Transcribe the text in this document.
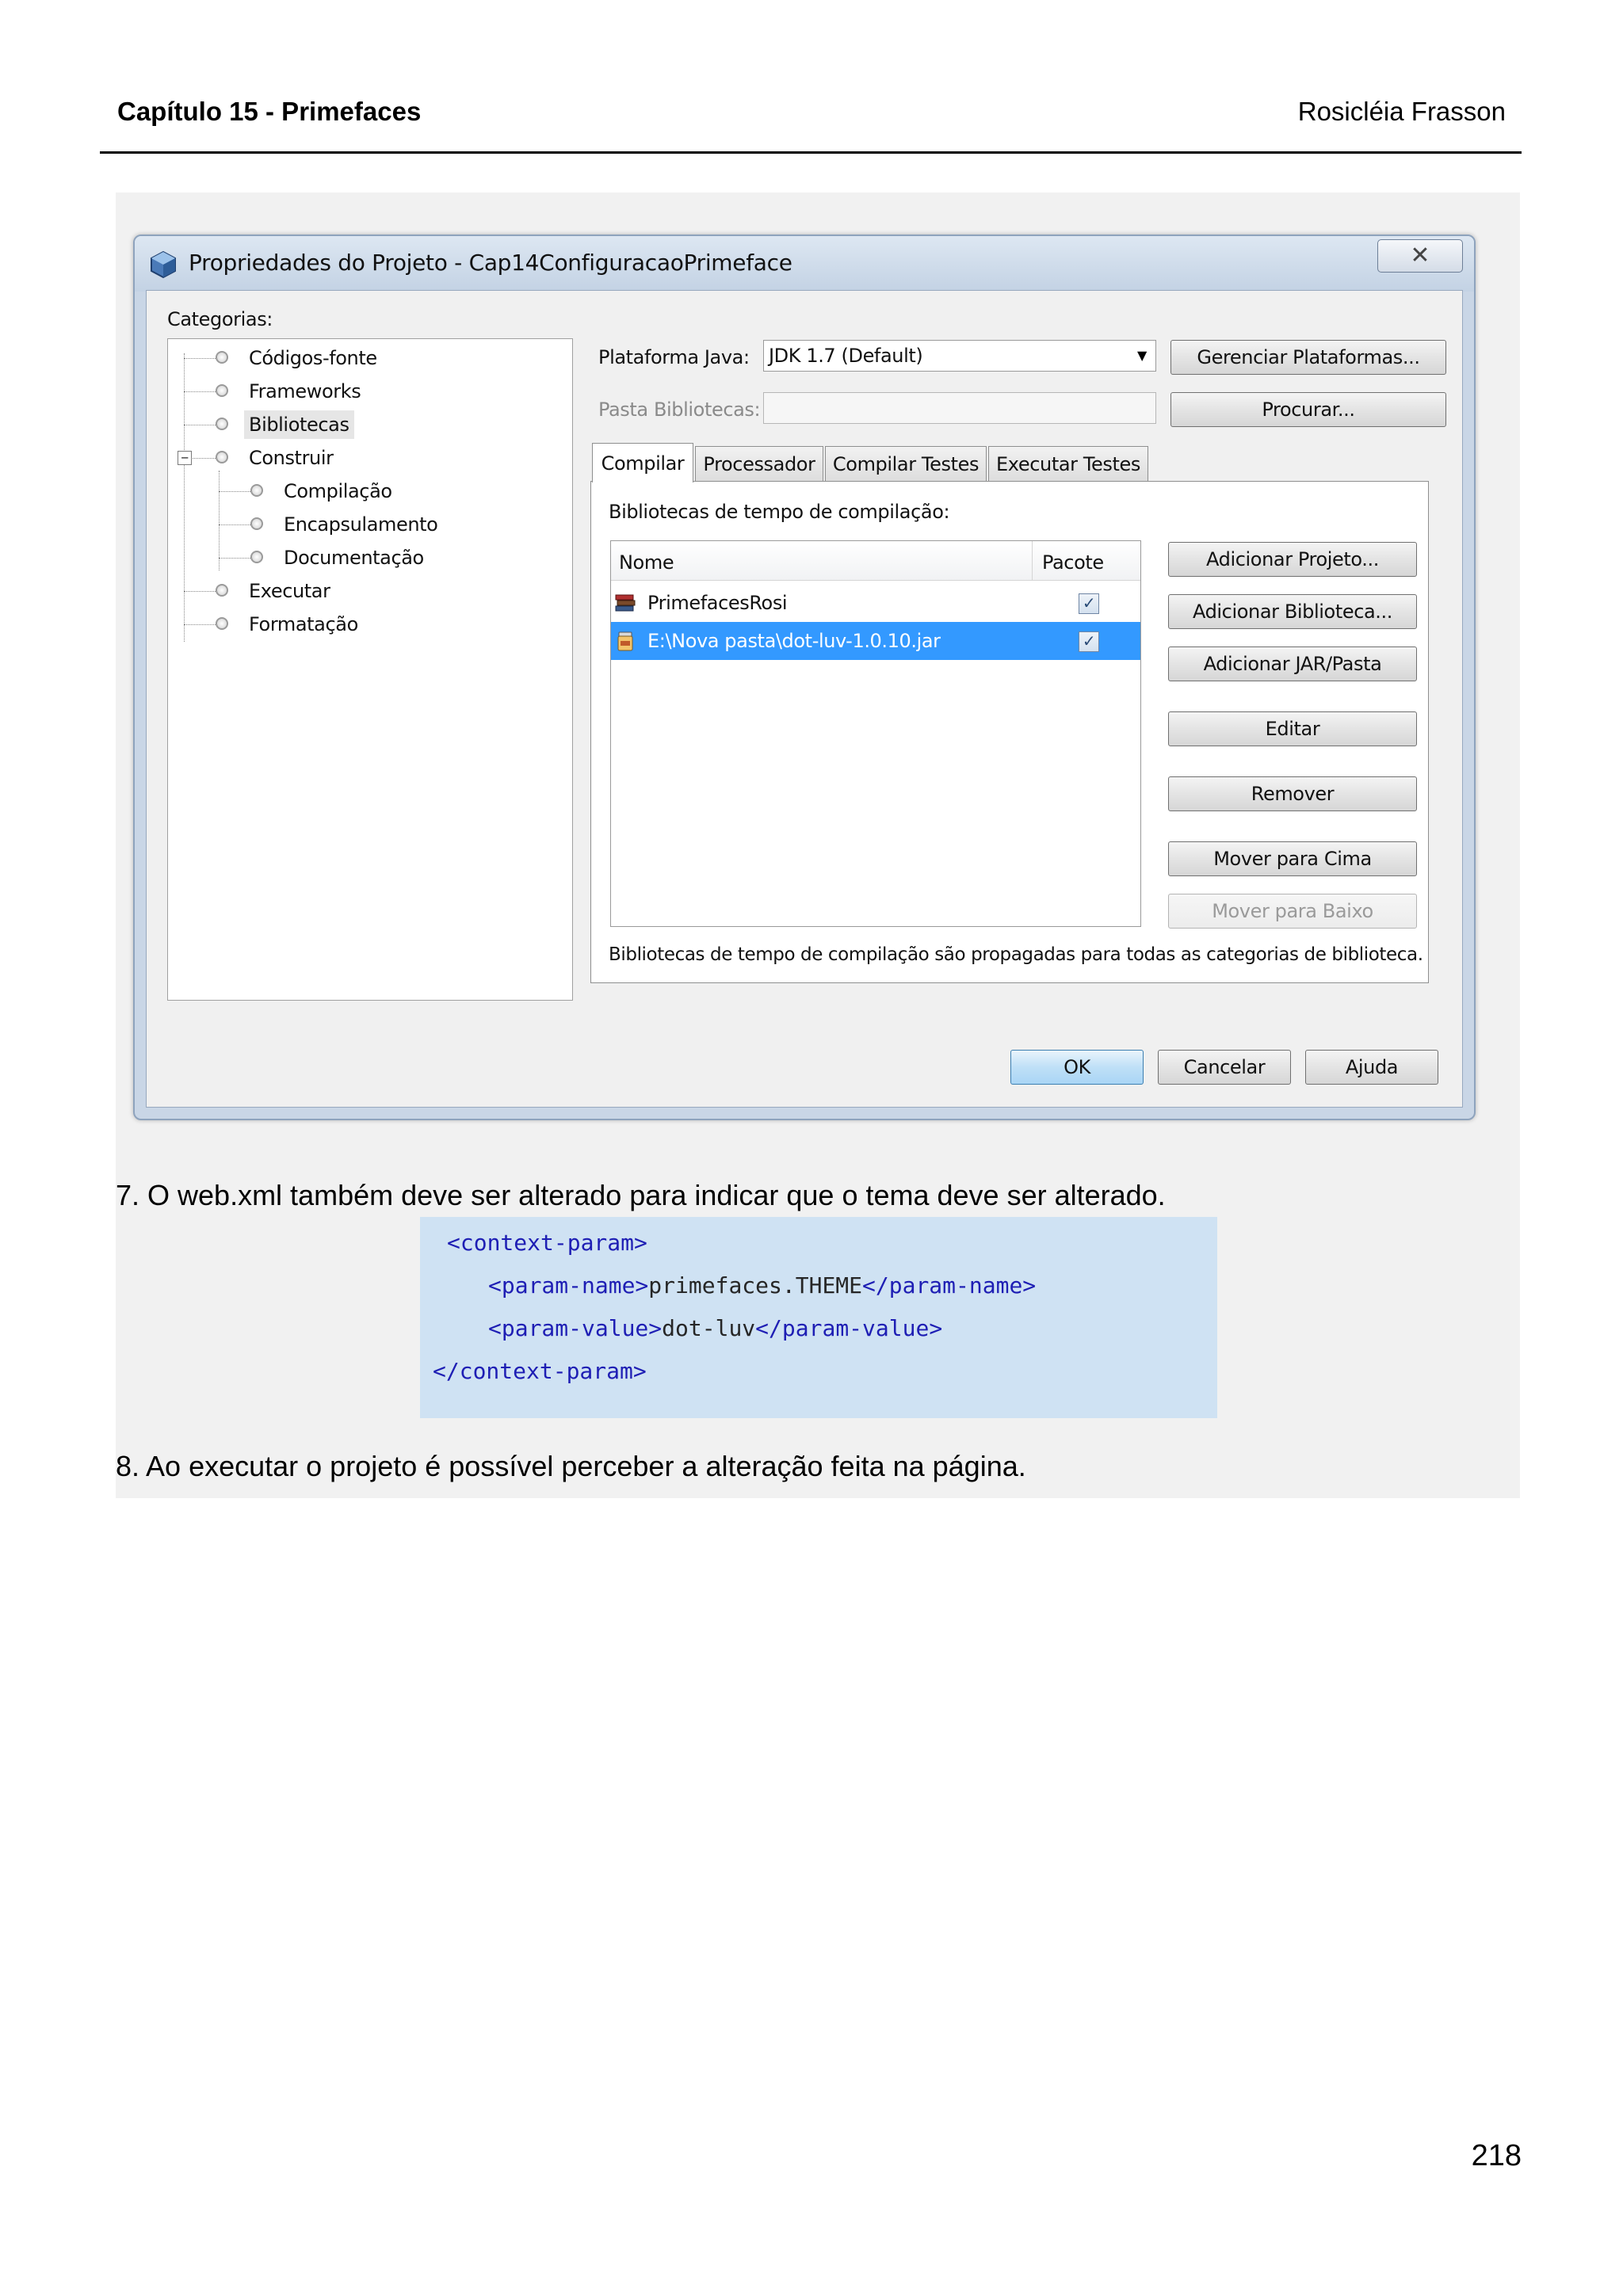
Capítulo 15 - Primefaces	Rosicléia Frasson
Propriedades do Projeto - Cap14ConfiguracaoPrimeface	✕
Categorias:
−
Códigos-fonte
Frameworks
Bibliotecas
Construir
Compilação
Encapsulamento
Documentação
Executar
Formatação
Plataforma Java: JDK 1.7 (Default)	▼	Gerenciar Plataformas...
Pasta Bibliotecas:	Procurar...
Compilar	Processador Compilar Testes Executar Testes
Bibliotecas de tempo de compilação:
Nome	Pacote
PrimefacesRosi	✓
E:\Nova pasta\dot-luv-1.0.10.jar	✓
Adicionar Projeto...
Adicionar Biblioteca...
Adicionar JAR/Pasta
Editar
Remover
Mover para Cima
Mover para Baixo
Bibliotecas de tempo de compilação são propagadas para todas as categorias de biblioteca.
OK	Cancelar	Ajuda
7. O web.xml também deve ser alterado para indicar que o tema deve ser alterado.
<context-param>
<param-name>primefaces.THEME</param-name>
<param-value>dot-luv</param-value>
</context-param>
8. Ao executar o projeto é possível perceber a alteração feita na página.
218
